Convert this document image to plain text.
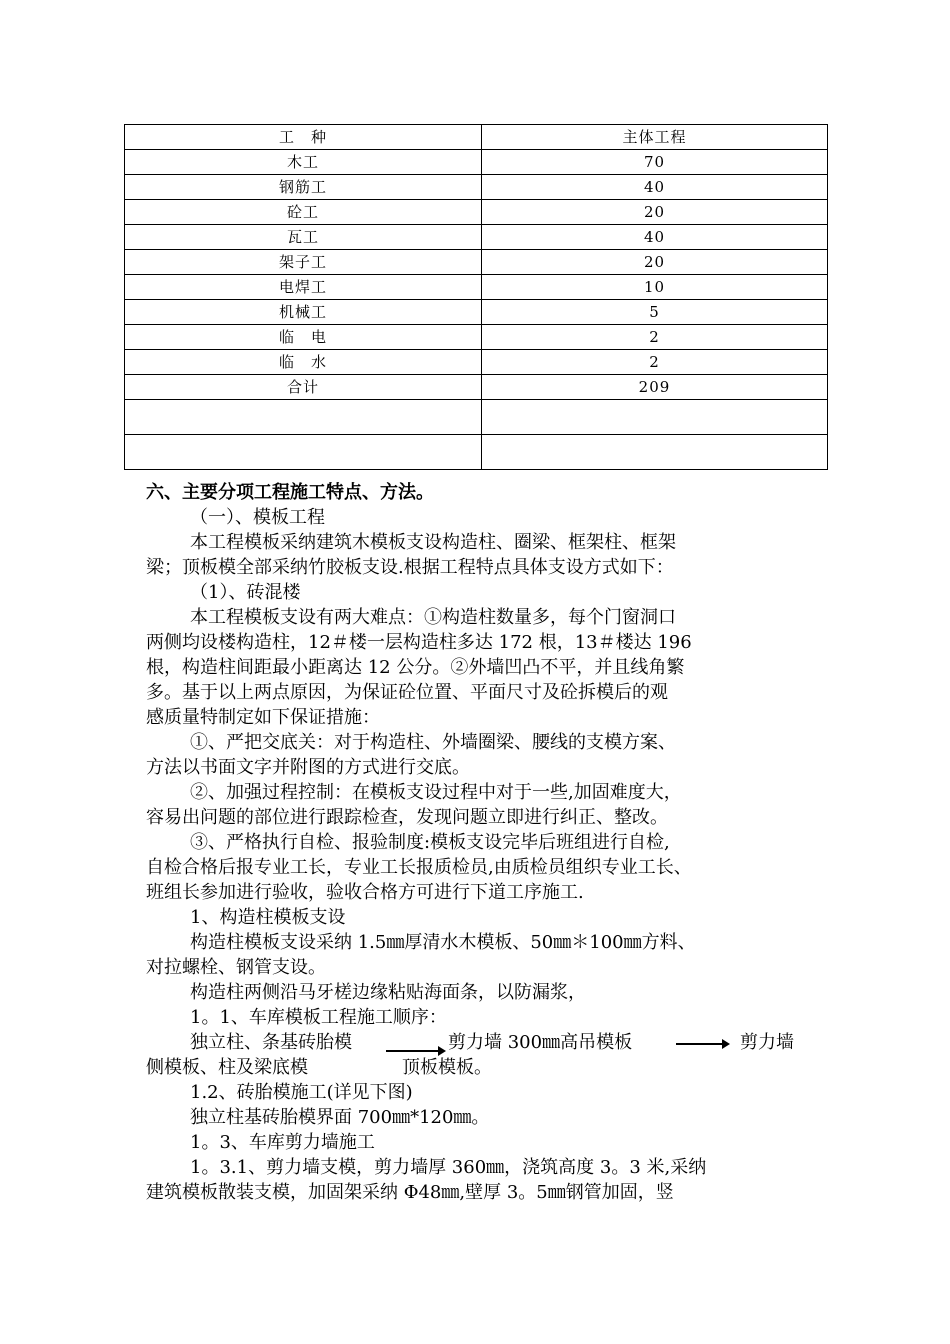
工　种	主体工程
木工	70
钢筋工	40
砼工	20
瓦工	40
架子工	20
电焊工	10
机械工	5
临　电	2
临　水	2
合计	209

六、主要分项工程施工特点、方法。
（一）、模板工程
本工程模板采纳建筑木模板支设构造柱、圈梁、框架柱、框架
梁；顶板模全部采纳竹胶板支设.根据工程特点具体支设方式如下：
（1）、砖混楼
本工程模板支设有两大难点：①构造柱数量多，每个门窗洞口
两侧均设楼构造柱，12＃楼一层构造柱多达 172 根，13＃楼达 196
根，构造柱间距最小距离达 12 公分。②外墙凹凸不平，并且线角繁
多。基于以上两点原因，为保证砼位置、平面尺寸及砼拆模后的观
感质量特制定如下保证措施：
①、严把交底关：对于构造柱、外墙圈梁、腰线的支模方案、
方法以书面文字并附图的方式进行交底。
②、加强过程控制：在模板支设过程中对于一些,加固难度大，
容易出问题的部位进行跟踪检查，发现问题立即进行纠正、整改。
③、严格执行自检、报验制度:模板支设完毕后班组进行自检,
自检合格后报专业工长，专业工长报质检员,由质检员组织专业工长、
班组长参加进行验收，验收合格方可进行下道工序施工.
1、构造柱模板支设
构造柱模板支设采纳 1.5㎜厚清水木模板、50㎜＊100㎜方料、
对拉螺栓、钢管支设。
构造柱两侧沿马牙槎边缘粘贴海面条，以防漏浆，
1。1、车库模板工程施工顺序：
独立柱、条基砖胎模	剪力墙 300㎜高吊模板	剪力墙
侧模板、柱及梁底模	顶板模板。
1.2、砖胎模施工(详见下图)
独立柱基砖胎模界面 700㎜*120㎜。
1。3、车库剪力墙施工
1。3.1、剪力墙支模，剪力墙厚 360㎜，浇筑高度 3。3 米,采纳
建筑模板散装支模，加固架采纳 Φ48㎜,壁厚 3。5㎜钢管加固，竖
